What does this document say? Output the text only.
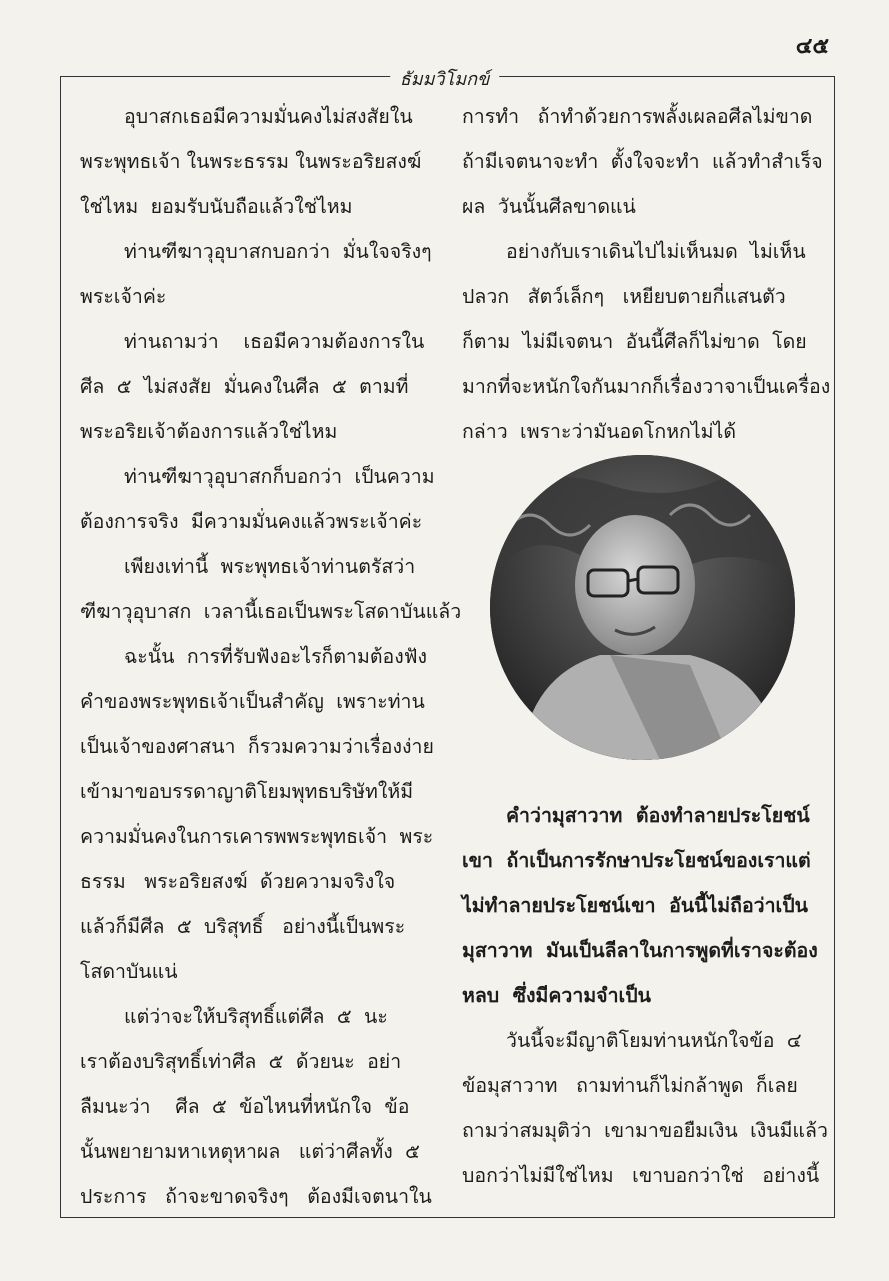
๔๕
ธัมมวิโมกข์
อุบาสกเธอมีความมั่นคงไม่สงสัยใน
พระพุทธเจ้า ในพระธรรม ในพระอริยสงฆ์
ใช่ไหม  ยอมรับนับถือแล้วใช่ไหม
ท่านฑีฆาวุอุบาสกบอกว่า  มั่นใจจริงๆ
พระเจ้าค่ะ
ท่านถามว่า    เธอมีความต้องการใน
ศีล  ๕  ไม่สงสัย  มั่นคงในศีล  ๕  ตามที่
พระอริยเจ้าต้องการแล้วใช่ไหม
ท่านฑีฆาวุอุบาสกก็บอกว่า  เป็นความ
ต้องการจริง  มีความมั่นคงแล้วพระเจ้าค่ะ
เพียงเท่านี้  พระพุทธเจ้าท่านตรัสว่า
ฑีฆาวุอุบาสก  เวลานี้เธอเป็นพระโสดาบันแล้ว
ฉะนั้น  การที่รับฟังอะไรก็ตามต้องฟัง
คำของพระพุทธเจ้าเป็นสำคัญ  เพราะท่าน
เป็นเจ้าของศาสนา  ก็รวมความว่าเรื่องง่าย
เข้ามาขอบรรดาญาติโยมพุทธบริษัทให้มี
ความมั่นคงในการเคารพพระพุทธเจ้า  พระ
ธรรม   พระอริยสงฆ์  ด้วยความจริงใจ
แล้วก็มีศีล  ๕  บริสุทธิ์   อย่างนี้เป็นพระ
โสดาบันแน่
แต่ว่าจะให้บริสุทธิ์แต่ศีล  ๕  นะ
เราต้องบริสุทธิ์เท่าศีล  ๕  ด้วยนะ  อย่า
ลืมนะว่า    ศีล  ๕  ข้อไหนที่หนักใจ  ข้อ
นั้นพยายามหาเหตุหาผล   แต่ว่าศีลทั้ง  ๕
ประการ   ถ้าจะขาดจริงๆ   ต้องมีเจตนาใน
การทำ   ถ้าทำด้วยการพลั้งเผลอศีลไม่ขาด
ถ้ามีเจตนาจะทำ  ตั้งใจจะทำ  แล้วทำสำเร็จ
ผล  วันนั้นศีลขาดแน่
อย่างกับเราเดินไปไม่เห็นมด  ไม่เห็น
ปลวก   สัตว์เล็กๆ   เหยียบตายกี่แสนตัว
ก็ตาม  ไม่มีเจตนา  อันนี้ศีลก็ไม่ขาด  โดย
มากที่จะหนักใจกันมากก็เรื่องวาจาเป็นเครื่อง
กล่าว  เพราะว่ามันอดโกหกไม่ได้
คำว่ามุสาวาท  ต้องทำลายประโยชน์
เขา  ถ้าเป็นการรักษาประโยชน์ของเราแต่
ไม่ทำลายประโยชน์เขา  อันนี้ไม่ถือว่าเป็น
มุสาวาท  มันเป็นลีลาในการพูดที่เราจะต้อง
หลบ  ซึ่งมีความจำเป็น
วันนี้จะมีญาติโยมท่านหนักใจข้อ  ๔
ข้อมุสาวาท   ถามท่านก็ไม่กล้าพูด  ก็เลย
ถามว่าสมมุติว่า  เขามาขอยืมเงิน  เงินมีแล้ว
บอกว่าไม่มีใช่ไหม   เขาบอกว่าใช่   อย่างนี้
